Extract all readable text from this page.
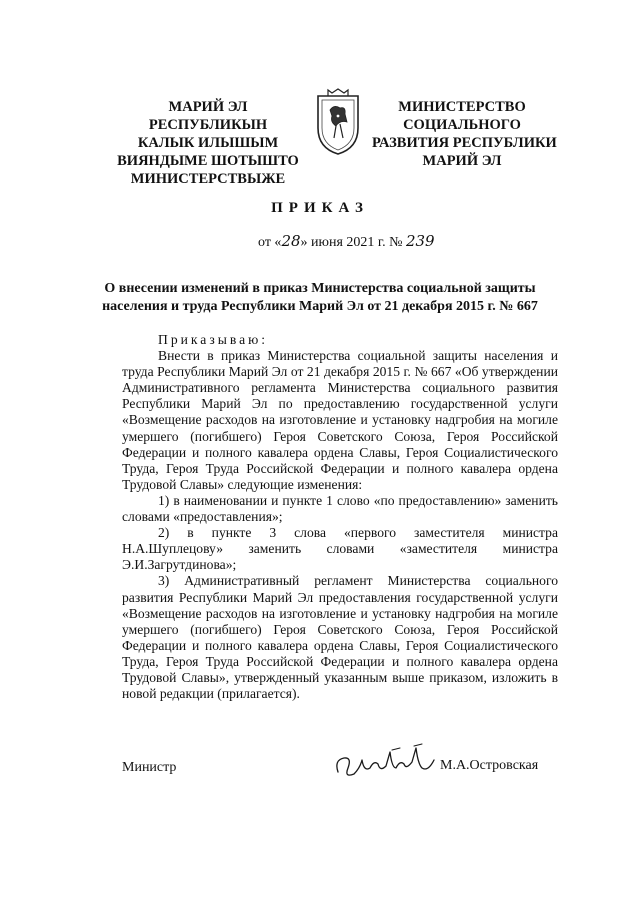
МАРИЙ ЭЛ
РЕСПУБЛИКЫН
КАЛЫК ИЛЫШЫМ
ВИЯНДЫМЕ ШОТЫШТО
МИНИСТЕРСТВЫЖЕ
МИНИСТЕРСТВО
СОЦИАЛЬНОГО
РАЗВИТИЯ РЕСПУБЛИКИ
МАРИЙ ЭЛ
ПРИКАЗ
от «28» июня 2021 г. № 239
О внесении изменений в приказ Министерства социальной защиты населения и труда Республики Марий Эл от 21 декабря 2015 г. № 667

Приказываю:

Внести в приказ Министерства социальной защиты населения и труда Республики Марий Эл от 21 декабря 2015 г. № 667 «Об утверждении Административного регламента Министерства социального развития Республики Марий Эл по предоставлению государственной услуги «Возмещение расходов на изготовление и установку надгробия на могиле умершего (погибшего) Героя Советского Союза, Героя Российской Федерации и полного кавалера ордена Славы, Героя Социалистического Труда, Героя Труда Российской Федерации и полного кавалера ордена Трудовой Славы» следующие изменения:

1) в наименовании и пункте 1 слово «по предоставлению» заменить словами «предоставления»;

2) в пункте 3 слова «первого заместителя министра Н.А.Шуплецову» заменить словами «заместителя министра Э.И.Загрутдинова»;

3) Административный регламент Министерства социального развития Республики Марий Эл предоставления государственной услуги «Возмещение расходов на изготовление и установку надгробия на могиле умершего (погибшего) Героя Советского Союза, Героя Российской Федерации и полного кавалера ордена Славы, Героя Социалистического Труда, Героя Труда Российской Федерации и полного кавалера ордена Трудовой Славы», утвержденный указанным выше приказом, изложить в новой редакции (прилагается).

Министр	М.А.Островская
